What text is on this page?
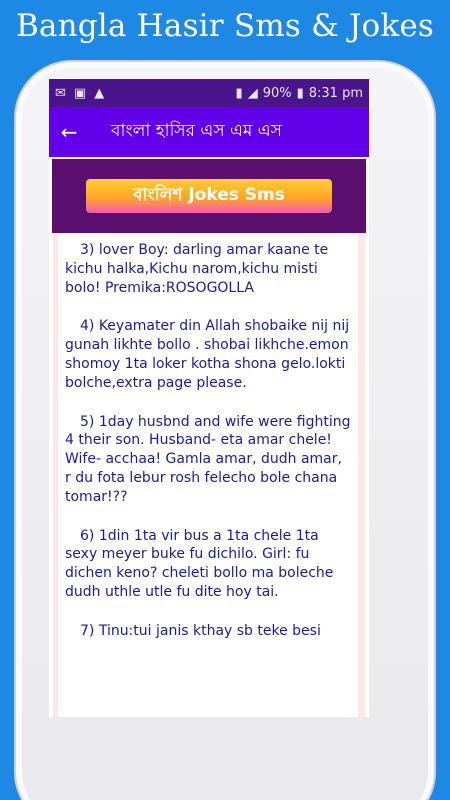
Bangla Hasir Sms & Jokes
✉ ▣ ▲	▮ ◢ 90% ▮ 8:31 pm
←	বাংলা হাসির এস এম এস
বাংলিশ Jokes Sms
3) lover Boy: darling amar kaane te kichu halka,Kichu narom,kichu misti bolo! Premika:ROSOGOLLA
4) Keyamater din Allah shobaike nij nij gunah likhte bollo . shobai likhche.emon shomoy 1ta loker kotha shona gelo.lokti bolche,extra page please.
5) 1day husbnd and wife were fighting 4 their son. Husband- eta amar chele! Wife- acchaa! Gamla amar, dudh amar, r du fota lebur rosh felecho bole chana tomar!??
6) 1din 1ta vir bus a 1ta chele 1ta sexy meyer buke fu dichilo. Girl: fu dichen keno? cheleti bollo ma boleche dudh uthle utle fu dite hoy tai.
7) Tinu:tui janis kthay sb teke besi
